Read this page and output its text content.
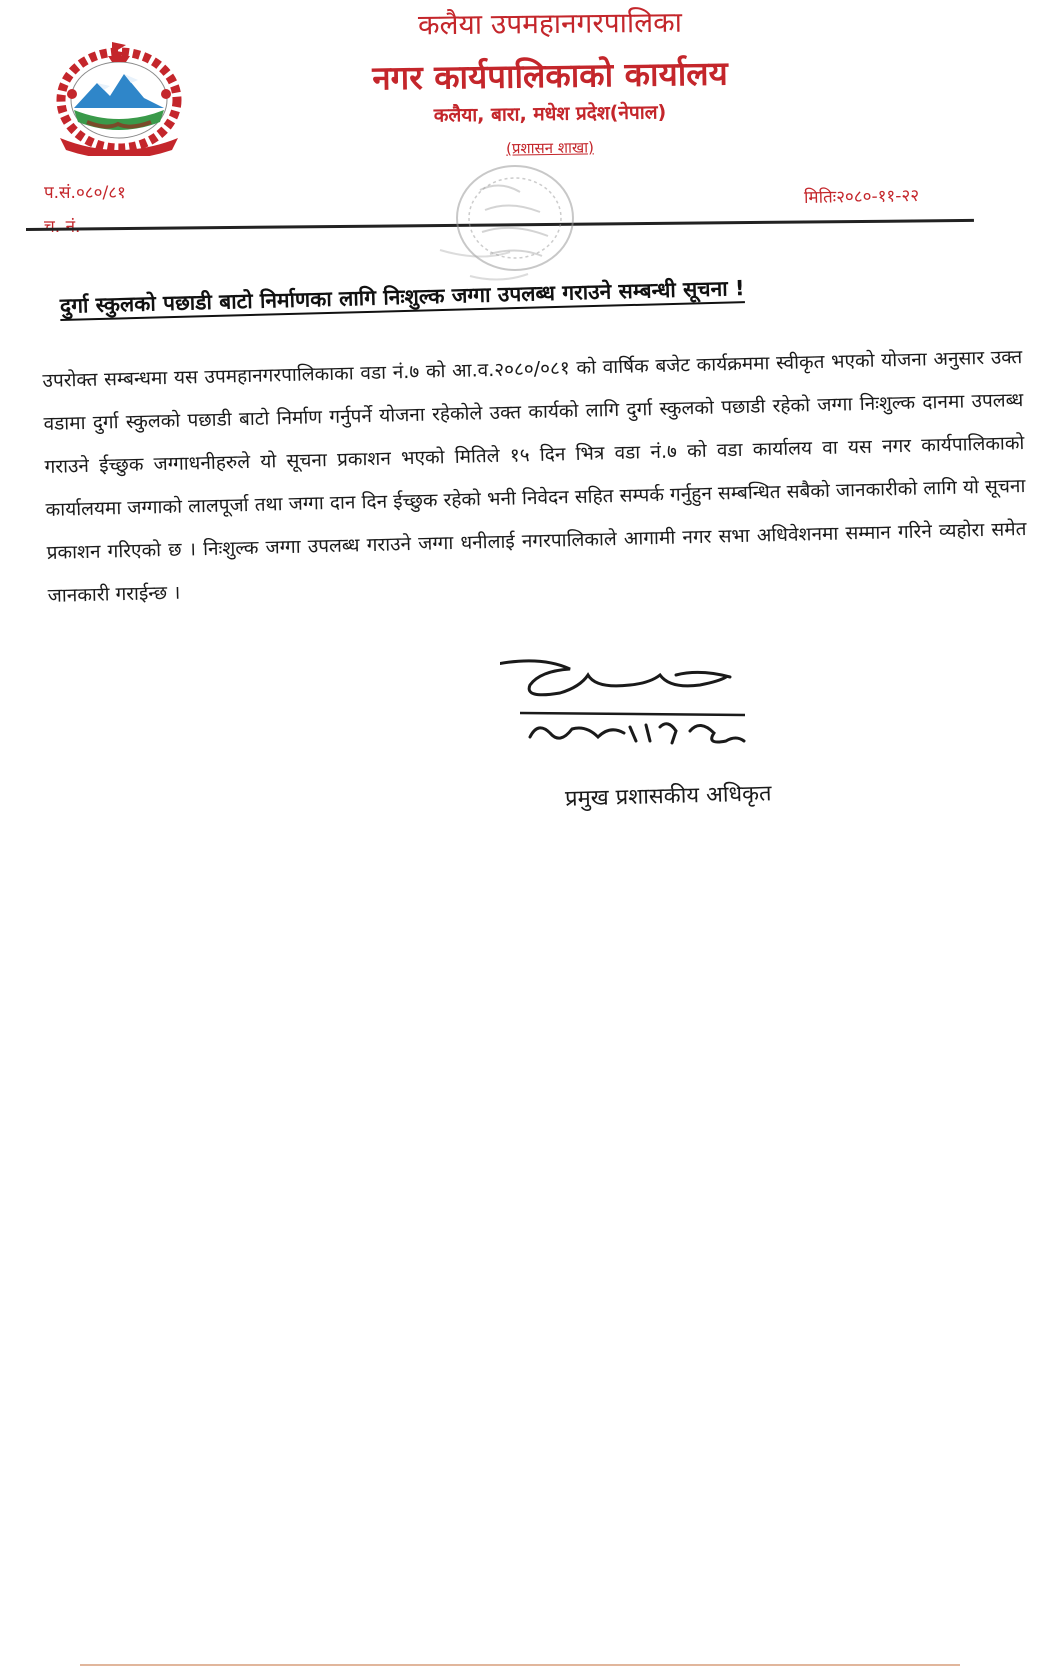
कलैया उपमहानगरपालिका
नगर कार्यपालिकाको कार्यालय
कलैया, बारा, मधेश प्रदेश(नेपाल)
(प्रशासन शाखा)
प.सं.०८०/८१
च. नं.
मितिः२०८०-११-२२
दुर्गा स्कुलको पछाडी बाटो निर्माणका लागि निःशुल्क जग्गा उपलब्ध गराउने सम्बन्धी सूचना !
उपरोक्त सम्बन्धमा यस उपमहानगरपालिकाका वडा नं.७ को आ.व.२०८०/०८१ को वार्षिक बजेट कार्यक्रममा स्वीकृत भएको योजना अनुसार उक्त वडामा दुर्गा स्कुलको पछाडी बाटो निर्माण गर्नुपर्ने योजना रहेकोले उक्त कार्यको लागि दुर्गा स्कुलको पछाडी रहेको जग्गा निःशुल्क दानमा उपलब्ध गराउने ईच्छुक जग्गाधनीहरुले यो सूचना प्रकाशन भएको मितिले १५ दिन भित्र वडा नं.७ को वडा कार्यालय वा यस नगर कार्यपालिकाको कार्यालयमा जग्गाको लालपूर्जा तथा जग्गा दान दिन ईच्छुक रहेको भनी निवेदन सहित सम्पर्क गर्नुहुन सम्बन्धित सबैको जानकारीको लागि यो सूचना प्रकाशन गरिएको छ । निःशुल्क जग्गा उपलब्ध गराउने जग्गा धनीलाई नगरपालिकाले आगामी नगर सभा अधिवेशनमा सम्मान गरिने व्यहोरा समेत जानकारी गराईन्छ ।
प्रमुख प्रशासकीय अधिकृत
